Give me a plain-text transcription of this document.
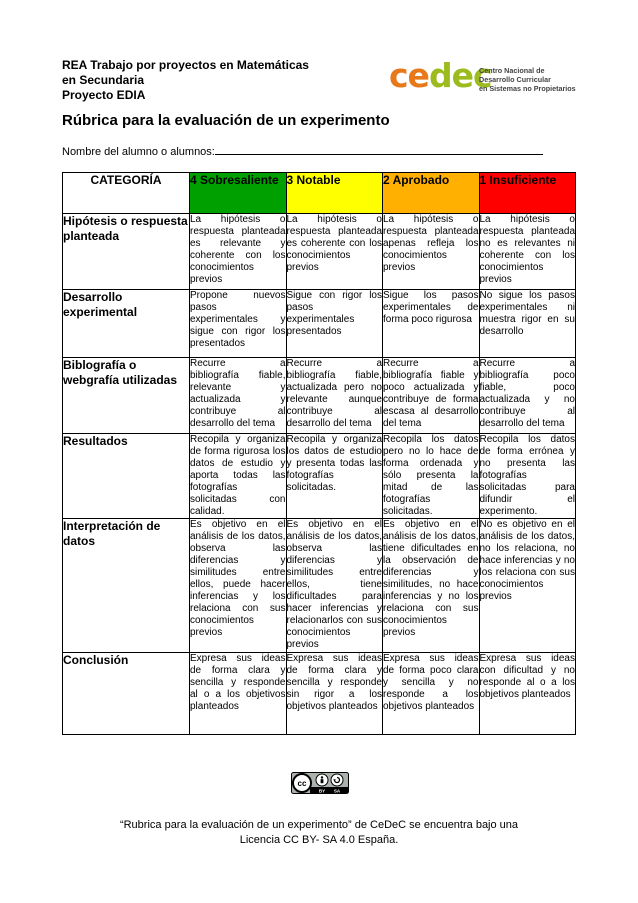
REA Trabajo por proyectos en Matemáticas
en Secundaria
Proyecto EDIA	cedec
Centro Nacional de
Desarrollo Curricular
en Sistemas no Propietarios
Rúbrica para la evaluación de un experimento
Nombre del alumno o alumnos:
CATEGORÍA	4 Sobresaliente	3 Notable	2 Aprobado	1 Insuficiente
Hipótesis o respuesta planteada	La hipótesis o respuesta planteada es relevante y coherente con los conocimientos previos	La hipótesis o respuesta planteada es coherente con los conocimientos previos	La hipótesis o respuesta planteada apenas refleja los conocimientos previos	La hipótesis o respuesta planteada no es relevantes ni coherente con los conocimientos previos
Desarrollo experimental	Propone nuevos pasos experimentales y sigue con rigor los presentados	Sigue con rigor los pasos experimentales presentados	Sigue los pasos experimentales de forma poco rigurosa	No sigue los pasos experimentales ni muestra rigor en su desarrollo
Biblografía o webgrafía utilizadas	Recurre a bibliografía fiable, relevante y actualizada y contribuye al desarrollo del tema	Recurre a bibliografía fiable, actualizada pero no relevante aunque contribuye al desarrollo del tema	Recurre a bibliografía fiable y poco actualizada y contribuye de forma escasa al desarrollo del tema	Recurre a bibliografía poco fiable, poco actualizada y no contribuye al desarrollo del tema
Resultados	Recopila y organiza de forma rigurosa los datos de estudio y aporta todas las fotografías solicitadas con calidad.	Recopila y organiza los datos de estudio y presenta todas las fotografías solicitadas.	Recopila los datos pero no lo hace de forma ordenada y sólo presenta la mitad de las fotografías solicitadas.	Recopila los datos de forma errónea y no presenta las fotografías solicitadas para difundir el experimento.
Interpretación de datos	Es objetivo en el análisis de los datos, observa las diferencias y similitudes entre ellos, puede hacer inferencias y los relaciona con sus conocimientos previos	Es objetivo en el análisis de los datos, observa las diferencias y similitudes entre ellos, tiene dificultades para hacer inferencias y relacionarlos con sus conocimientos previos	Es objetivo en el análisis de los datos, tiene dificultades en la observación de diferencias y similitudes, no hace inferencias y no los relaciona con sus conocimientos previos	No es objetivo en el análisis de los datos, no los relaciona, no hace inferencias y no los relaciona con sus conocimientos previos
Conclusión	Expresa sus ideas de forma clara y sencilla y responde al o a los objetivos planteados	Expresa sus ideas de forma clara y sencilla y responde sin rigor a los objetivos planteados	Expresa sus ideas de forma poco clara y sencilla y no responde a los objetivos planteados	Expresa sus ideas con dificultad y no responde al o a los objetivos planteados
cc
BY SA
“Rubrica para la evaluación de un experimento” de CeDeC se encuentra bajo una
Licencia CC BY- SA 4.0 España.
